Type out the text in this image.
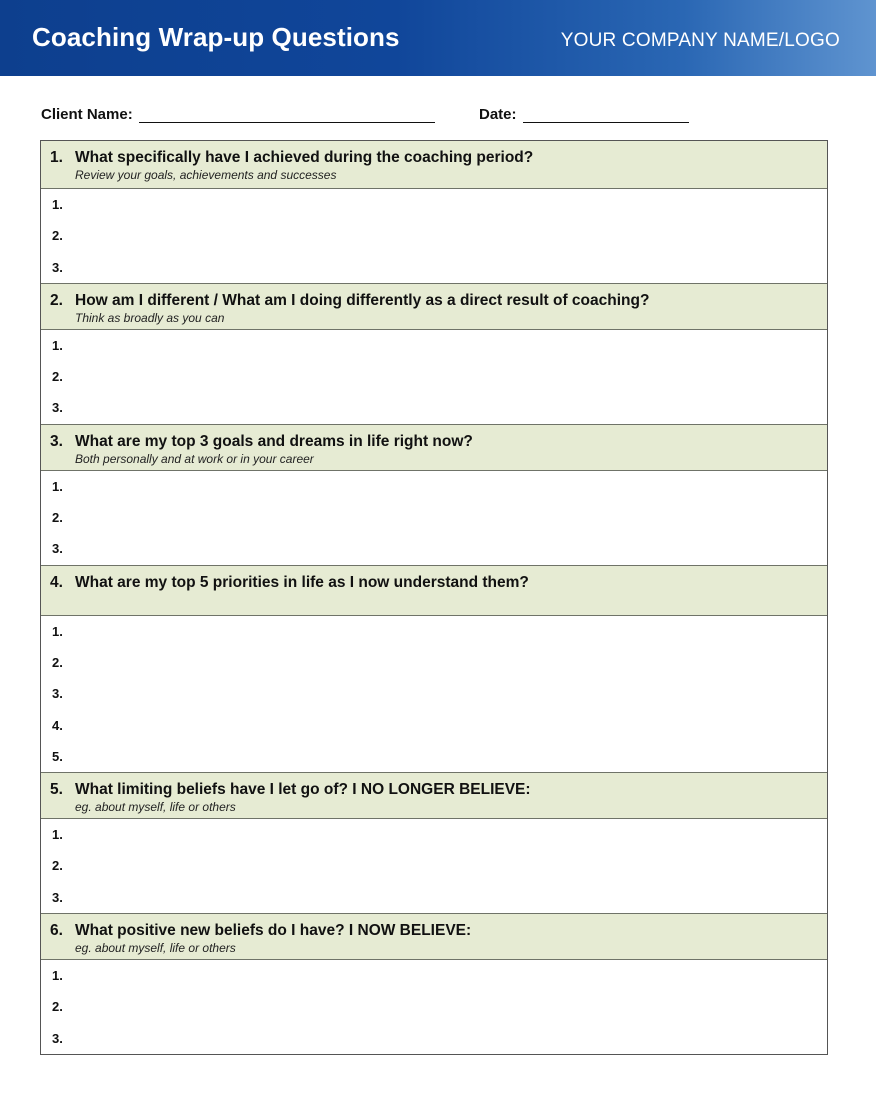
Coaching Wrap-up Questions	YOUR COMPANY NAME/LOGO
Client Name:	Date:
1. What specifically have I achieved during the coaching period?
Review your goals, achievements and successes
1.
2.
3.
2. How am I different / What am I doing differently as a direct result of coaching?
Think as broadly as you can
1.
2.
3.
3. What are my top 3 goals and dreams in life right now?
Both personally and at work or in your career
1.
2.
3.
4. What are my top 5 priorities in life as I now understand them?
1.
2.
3.
4.
5.
5. What limiting beliefs have I let go of? I NO LONGER BELIEVE:
eg. about myself, life or others
1.
2.
3.
6. What positive new beliefs do I have? I NOW BELIEVE:
eg. about myself, life or others
1.
2.
3.
